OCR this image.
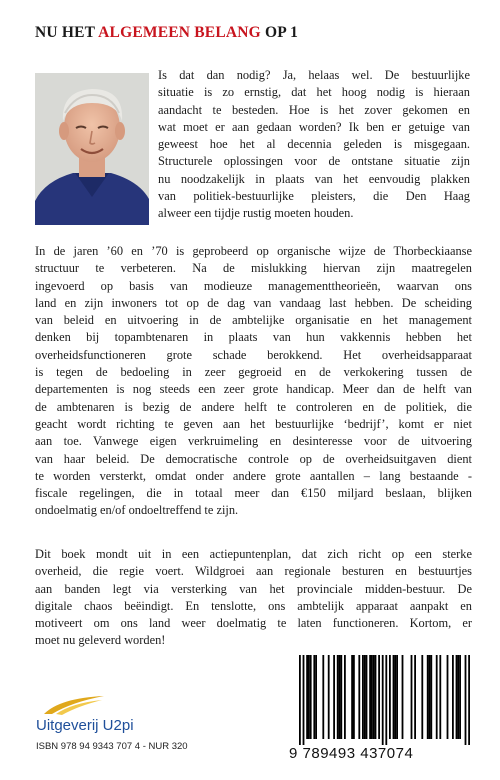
NU HET ALGEMEEN BELANG OP 1
Is dat dan nodig? Ja, helaas wel. De bestuurlijke
situatie is zo ernstig, dat het hoog nodig is hieraan
aandacht te besteden. Hoe is het zover gekomen en
wat moet er aan gedaan worden? Ik ben er getuige van
geweest hoe het al decennia geleden is misgegaan.
Structurele oplossingen voor de ontstane situatie zijn
nu noodzakelijk in plaats van het eenvoudig plakken
van politiek-bestuurlijke pleisters, die Den Haag
alweer een tijdje rustig moeten houden.
In de jaren ’60 en ’70 is geprobeerd op organische wijze de Thorbeckiaanse
structuur te verbeteren. Na de mislukking hiervan zijn maatregelen
ingevoerd op basis van modieuze managementtheorieën, waarvan ons
land en zijn inwoners tot op de dag van vandaag last hebben. De scheiding
van beleid en uitvoering in de ambtelijke organisatie en het management
denken bij topambtenaren in plaats van hun vakkennis hebben het
overheidsfunctioneren grote schade berokkend. Het overheidsapparaat
is tegen de bedoeling in zeer gegroeid en de verkokering tussen de
departementen is nog steeds een zeer grote handicap. Meer dan de helft van
de ambtenaren is bezig de andere helft te controleren en de politiek, die
geacht wordt richting te geven aan het bestuurlijke ‘bedrijf’, komt er niet
aan toe. Vanwege eigen verkruimeling en desinteresse voor de uitvoering
van haar beleid. De democratische controle op de overheidsuitgaven dient
te worden versterkt, omdat onder andere grote aantallen – lang bestaande -
fiscale regelingen, die in totaal meer dan €150 miljard beslaan, blijken
ondoelmatig en/of ondoeltreffend te zijn.
Dit boek mondt uit in een actiepuntenplan, dat zich richt op een sterke
overheid, die regie voert. Wildgroei aan regionale besturen en bestuurtjes
aan banden legt via versterking van het provinciale midden-bestuur. De
digitale chaos beëindigt. En tenslotte, ons ambtelijk apparaat aanpakt en
motiveert om ons land weer doelmatig te laten functioneren. Kortom, er
moet nu geleverd worden!
Uitgeverij U2pi
ISBN 978 94 9343 707 4 - NUR 320	9 789493 437074
